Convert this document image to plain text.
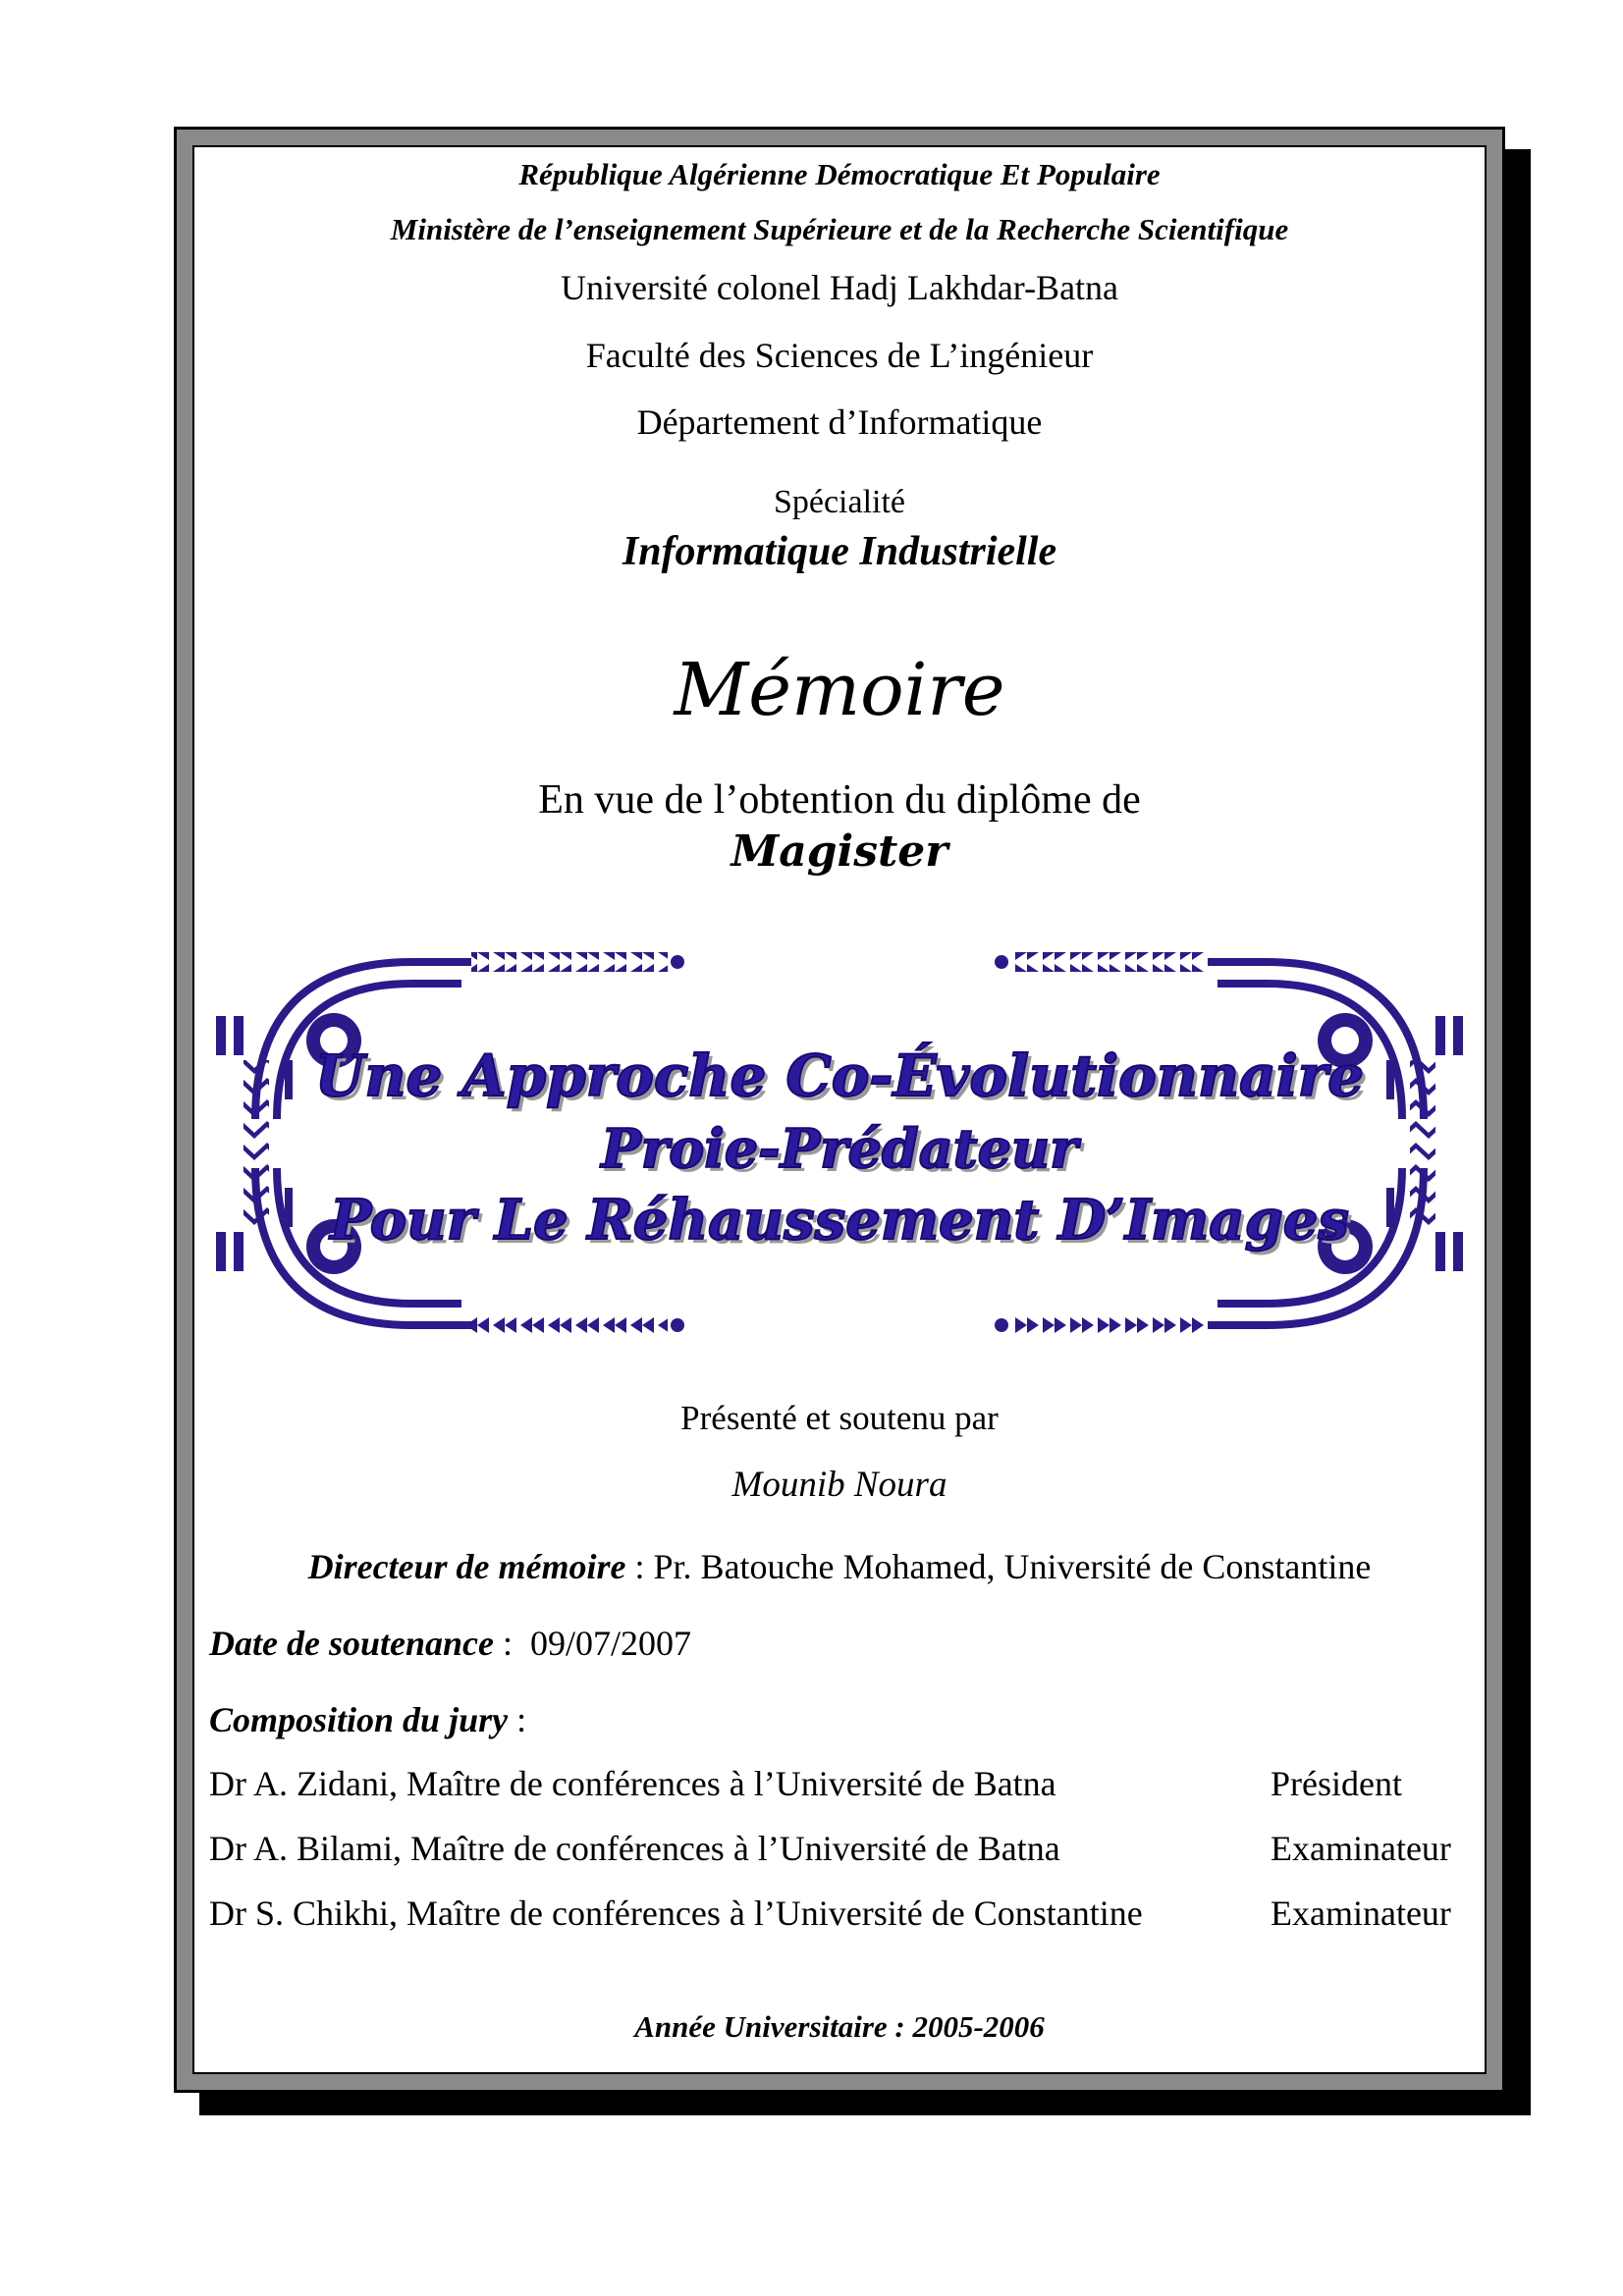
République Algérienne Démocratique Et Populaire
Ministère de l’enseignement Supérieure et de la Recherche Scientifique
Université colonel Hadj Lakhdar-Batna
Faculté des Sciences de L’ingénieur
Département d’Informatique
Spécialité
Informatique Industrielle
Mémoire
En vue de l’obtention du diplôme de
Magister
Une Approche Co-Évolutionnaire
Proie-Prédateur
Pour Le Réhaussement D’Images
Présenté et soutenu par
Mounib Noura
Directeur de mémoire : Pr. Batouche Mohamed, Université de Constantine
Date de soutenance :  09/07/2007
Composition du jury :
Dr A. Zidani, Maître de conférences à l’Université de Batna	Président
Dr A. Bilami, Maître de conférences à l’Université de Batna	Examinateur
Dr S. Chikhi, Maître de conférences à l’Université de Constantine	Examinateur
Année Universitaire : 2005-2006
